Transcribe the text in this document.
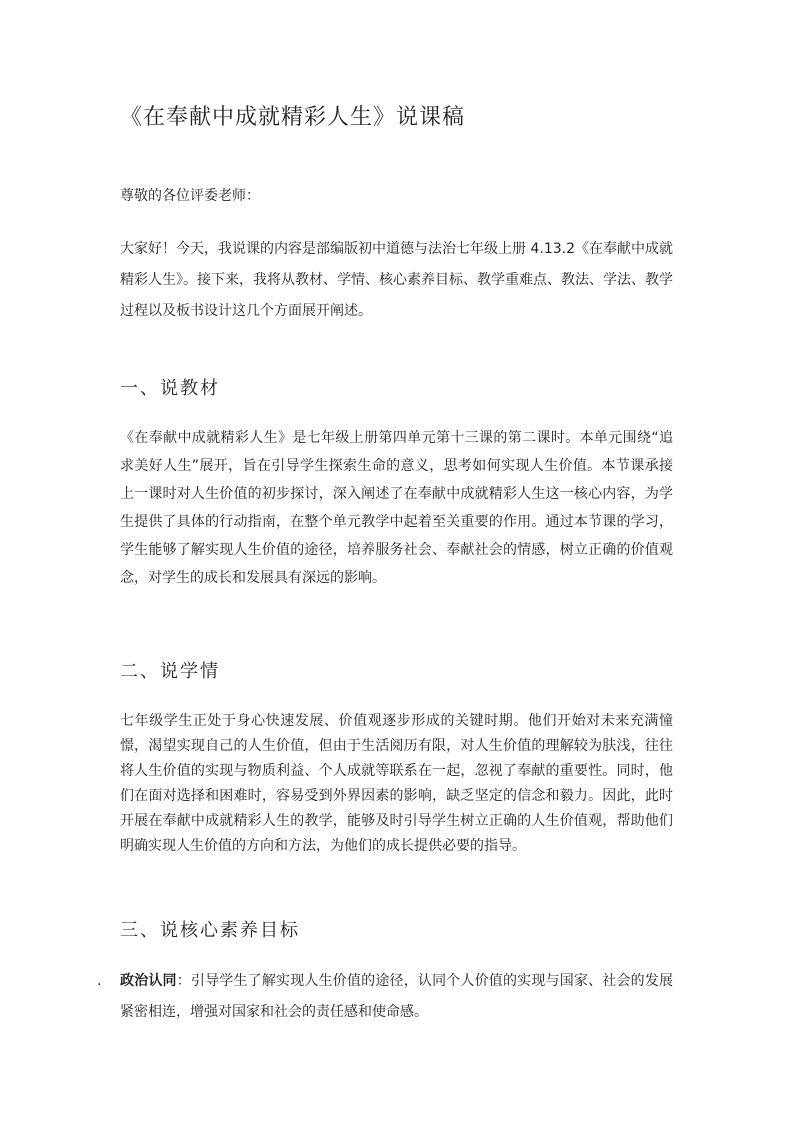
《在奉献中成就精彩人生》说课稿
尊敬的各位评委老师：
大家好！今天，我说课的内容是部编版初中道德与法治七年级上册 4.13.2《在奉献中成就精彩人生》。接下来，我将从教材、学情、核心素养目标、教学重难点、教法、学法、教学过程以及板书设计这几个方面展开阐述。
一、说教材
《在奉献中成就精彩人生》是七年级上册第四单元第十三课的第二课时。本单元围绕“追求美好人生”展开，旨在引导学生探索生命的意义，思考如何实现人生价值。本节课承接上一课时对人生价值的初步探讨，深入阐述了在奉献中成就精彩人生这一核心内容，为学生提供了具体的行动指南，在整个单元教学中起着至关重要的作用。通过本节课的学习，学生能够了解实现人生价值的途径，培养服务社会、奉献社会的情感，树立正确的价值观念，对学生的成长和发展具有深远的影响。
二、说学情
七年级学生正处于身心快速发展、价值观逐步形成的关键时期。他们开始对未来充满憧憬，渴望实现自己的人生价值，但由于生活阅历有限，对人生价值的理解较为肤浅，往往将人生价值的实现与物质利益、个人成就等联系在一起，忽视了奉献的重要性。同时，他们在面对选择和困难时，容易受到外界因素的影响，缺乏坚定的信念和毅力。因此，此时开展在奉献中成就精彩人生的教学，能够及时引导学生树立正确的人生价值观，帮助他们明确实现人生价值的方向和方法，为他们的成长提供必要的指导。
三、说核心素养目标
. 政治认同：引导学生了解实现人生价值的途径，认同个人价值的实现与国家、社会的发展紧密相连，增强对国家和社会的责任感和使命感。
